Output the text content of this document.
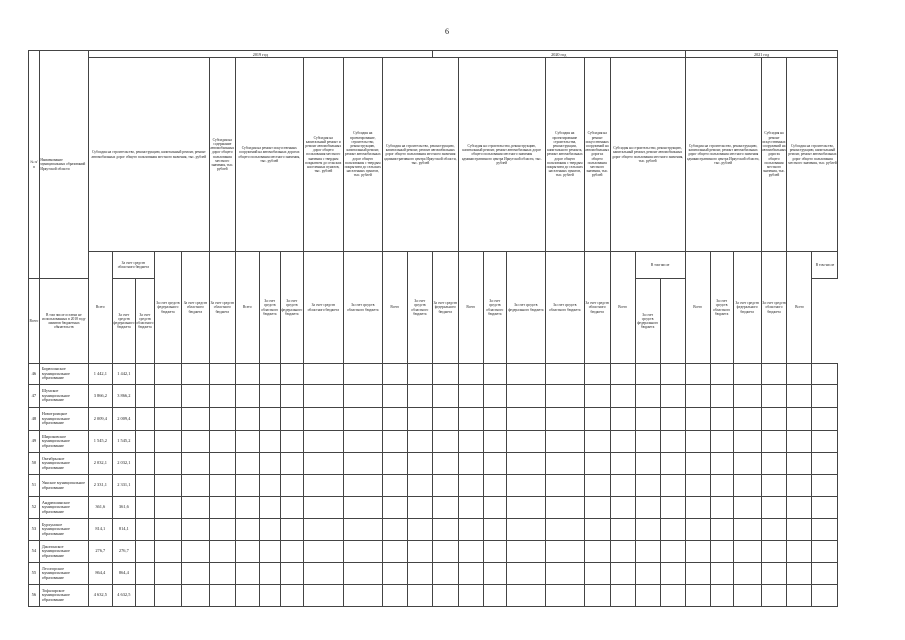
6
№ п/п	Наименование муниципальных образований Иркутской области	2019 год													2020 год									2021 год					
		Субсидия на строительство, реконструкцию, капитальный ремонт, ремонт автомобильных дорог общего пользования местного значения, тыс. рублей					Субсидия на содержание автомобильных дорог общего пользования местного значения, тыс. рублей	Субсидия на ремонт искусственных сооружений на автомобильных дорогах общего пользования местного значения, тыс. рублей			Субсидия на капитальный ремонт и ремонт автомобильных дорог общего пользования местного значения с твердым покрытием до сельских населенных пунктов, тыс. рублей	Субсидия на проектирование, строительство, реконструкцию, капитальный ремонт, ремонт автомобильных дорог общего пользования с твердым покрытием до сельских населенных пунктов, тыс. рублей	Субсидия на строительство, реконструкцию, капитальный ремонт, ремонт автомобильных дорог общего пользования местного значения административного центра Иркутской области, тыс. рублей			Субсидия на строительство, реконструкцию, капитальный ремонт, ремонт автомобильных дорог общего пользования местного значения административного центра Иркутской области, тыс. рублей			Субсидия на проектирование строительства, реконструкции, капитального ремонта, ремонт автомобильных дорог общего пользования с твердым покрытием до сельских населенных пунктов, тыс. рублей	Субсидия на ремонт искусственных сооружений на автомобильных дорогах общего пользования местного значения, тыс. рублей	Субсидия на строительство, реконструкцию, капитальный ремонт, ремонт автомобильных дорог общего пользования местного значения, тыс. рублей			Субсидия на строительство, реконструкцию, капитальный ремонт, ремонт автомобильных дорог общего пользования местного значения административного центра Иркутской области, тыс. рублей			Субсидия на ремонт искусственных сооружений на автомобильных дорогах общего пользования местного значения, тыс. рублей	Субсидия на строительство, реконструкцию, капитальный ремонт, ремонт автомобильных дорог общего пользования местного значения, тыс. рублей	
		Всего	За счет средств областного бюджета		За счет средств федерального бюджета	За счет средств областного бюджета	За счет средств областного бюджета	Всего	За счет средств областного бюджета	За счет средств федерального бюджета	За счет средств областного бюджета	За счет средств областного бюджета	Всего	За счет средств областного бюджета	За счет средств федерального бюджета	Всего	За счет средств областного бюджета	За счет средств федерального бюджета	За счет средств областного бюджета	За счет средств областного бюджета	Всего	В том числе		Всего	За счет средств областного бюджета	За счет средств федерального бюджета	За счет средств областного бюджета	Всего	В том числе
Всего	В том числе остатки не использованных в 2018 году лимитов бюджетных обязательств		За счет средств федерального бюджета	За счет средств областного бюджета																		За счет средств федерального бюджета							
46	Бирюсинское муниципальное образование	1 442,1	1 442,1																										
47	Шумское муниципальное образование	3 866,2	3 866,2																										
48	Новотроицкое муниципальное образование	2 009,4	2 009,4																										
49	Широковское муниципальное образование	1 545,2	1 545,2																										
50	Октябрьское муниципальное образование	2 032,1	2 032,1																										
51	Уякское муниципальное образование	2 331,1	2 331,1																										
52	Андрюшинское муниципальное образование	361,6	361,6																										
53	Бурхунское муниципальное образование	814,1	814,1																										
54	Джогинское муниципальное образование	276,7	276,7																										
55	Лесогорское муниципальное образование	864,4	864,4																										
56	Тофаларское муниципальное образование	4 632,5	4 632,5																										
